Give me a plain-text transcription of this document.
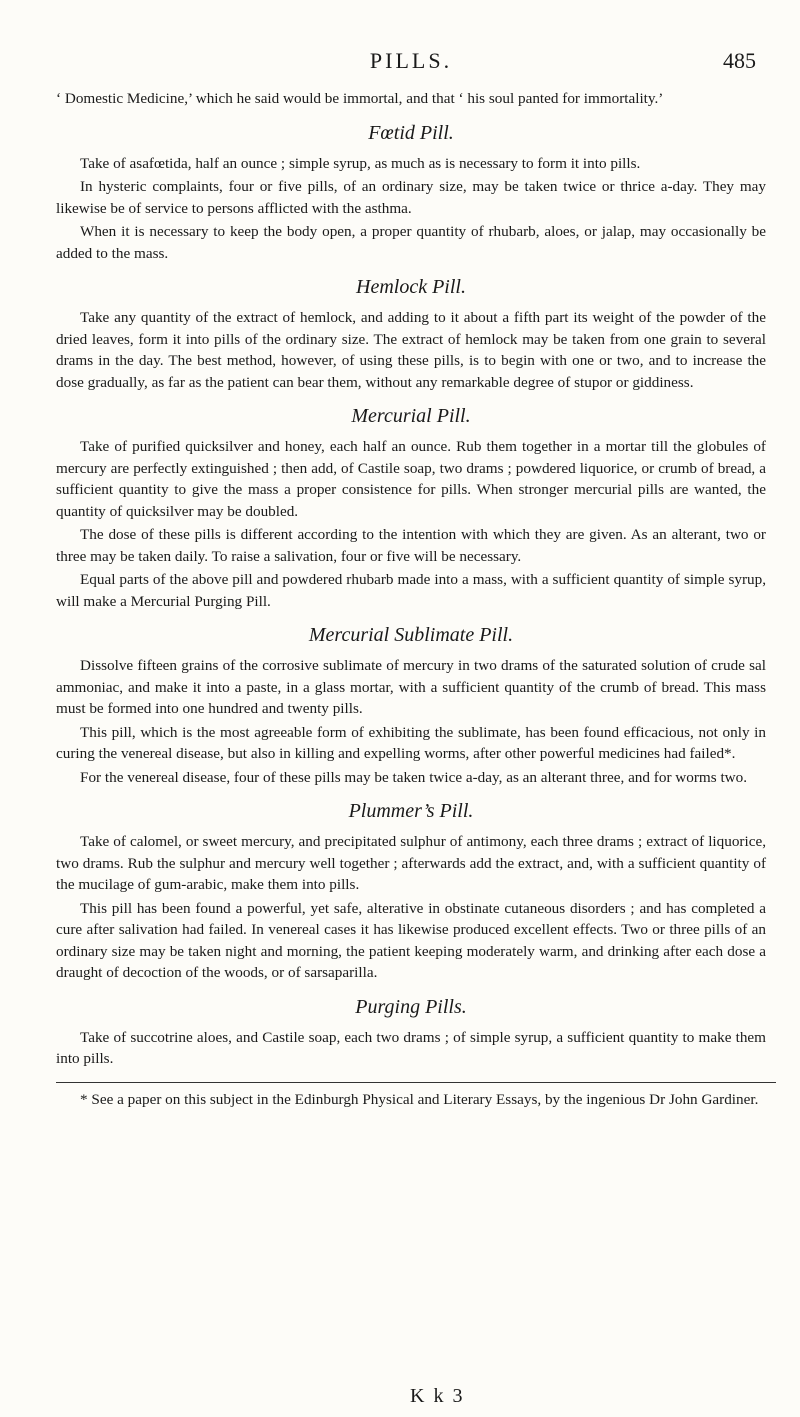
PILLS.	485

‘ Domestic Medicine,’ which he said would be immortal, and that ‘ his soul panted for immortality.’

Fœtid Pill.

Take of asafœtida, half an ounce ; simple syrup, as much as is necessary to form it into pills.

In hysteric complaints, four or five pills, of an ordinary size, may be taken twice or thrice a-day. They may likewise be of service to persons afflicted with the asthma.

When it is necessary to keep the body open, a proper quantity of rhubarb, aloes, or jalap, may occasionally be added to the mass.

Hemlock Pill.

Take any quantity of the extract of hemlock, and adding to it about a fifth part its weight of the powder of the dried leaves, form it into pills of the ordinary size. The extract of hemlock may be taken from one grain to several drams in the day. The best method, however, of using these pills, is to begin with one or two, and to increase the dose gradually, as far as the patient can bear them, without any remarkable degree of stupor or giddiness.

Mercurial Pill.

Take of purified quicksilver and honey, each half an ounce. Rub them together in a mortar till the globules of mercury are perfectly extinguished ; then add, of Castile soap, two drams ; powdered liquorice, or crumb of bread, a sufficient quantity to give the mass a proper consistence for pills. When stronger mercurial pills are wanted, the quantity of quicksilver may be doubled.

The dose of these pills is different according to the intention with which they are given. As an alterant, two or three may be taken daily. To raise a salivation, four or five will be necessary.

Equal parts of the above pill and powdered rhubarb made into a mass, with a sufficient quantity of simple syrup, will make a Mercurial Purging Pill.

Mercurial Sublimate Pill.

Dissolve fifteen grains of the corrosive sublimate of mercury in two drams of the saturated solution of crude sal ammoniac, and make it into a paste, in a glass mortar, with a sufficient quantity of the crumb of bread. This mass must be formed into one hundred and twenty pills.

This pill, which is the most agreeable form of exhibiting the sublimate, has been found efficacious, not only in curing the venereal disease, but also in killing and expelling worms, after other powerful medicines had failed*.

For the venereal disease, four of these pills may be taken twice a-day, as an alterant three, and for worms two.

Plummer’s Pill.

Take of calomel, or sweet mercury, and precipitated sulphur of antimony, each three drams ; extract of liquorice, two drams. Rub the sulphur and mercury well together ; afterwards add the extract, and, with a sufficient quantity of the mucilage of gum-arabic, make them into pills.

This pill has been found a powerful, yet safe, alterative in obstinate cutaneous disorders ; and has completed a cure after salivation had failed. In venereal cases it has likewise produced excellent effects. Two or three pills of an ordinary size may be taken night and morning, the patient keeping moderately warm, and drinking after each dose a draught of decoction of the woods, or of sarsaparilla.

Purging Pills.

Take of succotrine aloes, and Castile soap, each two drams ; of simple syrup, a sufficient quantity to make them into pills.

* See a paper on this subject in the Edinburgh Physical and Literary Essays, by the ingenious Dr John Gardiner.

K k 3
